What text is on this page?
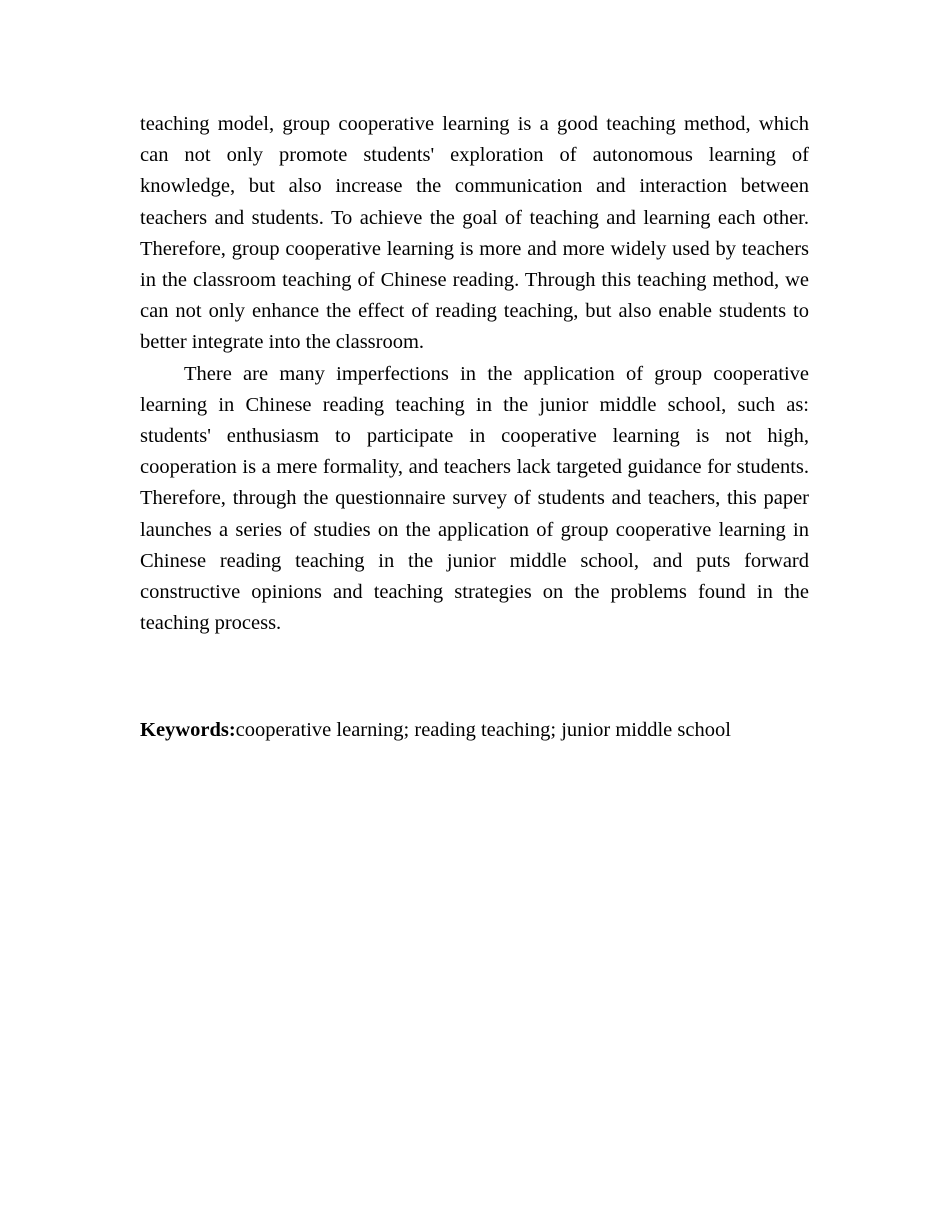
teaching model, group cooperative learning is a good teaching method, which can not only promote students' exploration of autonomous learning of knowledge, but also increase the communication and interaction between teachers and students. To achieve the goal of teaching and learning each other. Therefore, group cooperative learning is more and more widely used by teachers in the classroom teaching of Chinese reading. Through this teaching method, we can not only enhance the effect of reading teaching, but also enable students to better integrate into the classroom.

There are many imperfections in the application of group cooperative learning in Chinese reading teaching in the junior middle school, such as: students' enthusiasm to participate in cooperative learning is not high, cooperation is a mere formality, and teachers lack targeted guidance for students. Therefore, through the questionnaire survey of students and teachers, this paper launches a series of studies on the application of group cooperative learning in Chinese reading teaching in the junior middle school, and puts forward constructive opinions and teaching strategies on the problems found in the teaching process.

Keywords:cooperative learning; reading teaching; junior middle school
